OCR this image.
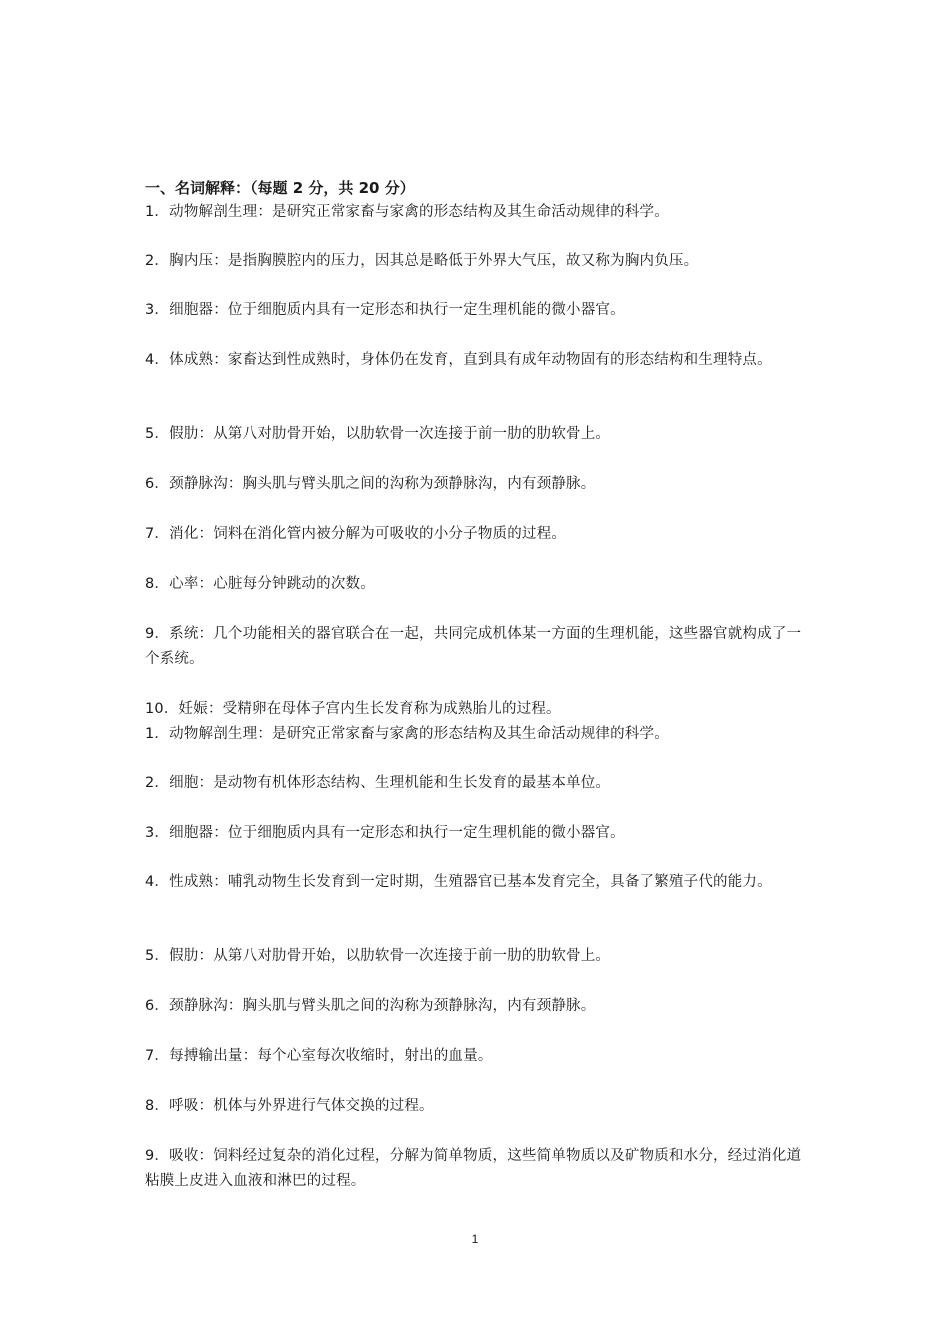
一、名词解释：（每题 2 分，共 20 分）
1．动物解剖生理：是研究正常家畜与家禽的形态结构及其生命活动规律的科学。
2．胸内压：是指胸膜腔内的压力，因其总是略低于外界大气压，故又称为胸内负压。
3．细胞器：位于细胞质内具有一定形态和执行一定生理机能的微小器官。
4．体成熟：家畜达到性成熟时，身体仍在发育，直到具有成年动物固有的形态结构和生理特点。
5．假肋：从第八对肋骨开始，以肋软骨一次连接于前一肋的肋软骨上。
6．颈静脉沟：胸头肌与臂头肌之间的沟称为颈静脉沟，内有颈静脉。
7．消化：饲料在消化管内被分解为可吸收的小分子物质的过程。
8．心率：心脏每分钟跳动的次数。
9．系统：几个功能相关的器官联合在一起，共同完成机体某一方面的生理机能，这些器官就构成了一个系统。
10．妊娠：受精卵在母体子宫内生长发育称为成熟胎儿的过程。
1．动物解剖生理：是研究正常家畜与家禽的形态结构及其生命活动规律的科学。
2．细胞：是动物有机体形态结构、生理机能和生长发育的最基本单位。
3．细胞器：位于细胞质内具有一定形态和执行一定生理机能的微小器官。
4．性成熟：哺乳动物生长发育到一定时期，生殖器官已基本发育完全，具备了繁殖子代的能力。
5．假肋：从第八对肋骨开始，以肋软骨一次连接于前一肋的肋软骨上。
6．颈静脉沟：胸头肌与臂头肌之间的沟称为颈静脉沟，内有颈静脉。
7．每搏输出量：每个心室每次收缩时，射出的血量。
8．呼吸：机体与外界进行气体交换的过程。
9．吸收：饲料经过复杂的消化过程，分解为简单物质，这些简单物质以及矿物质和水分，经过消化道粘膜上皮进入血液和淋巴的过程。
1
